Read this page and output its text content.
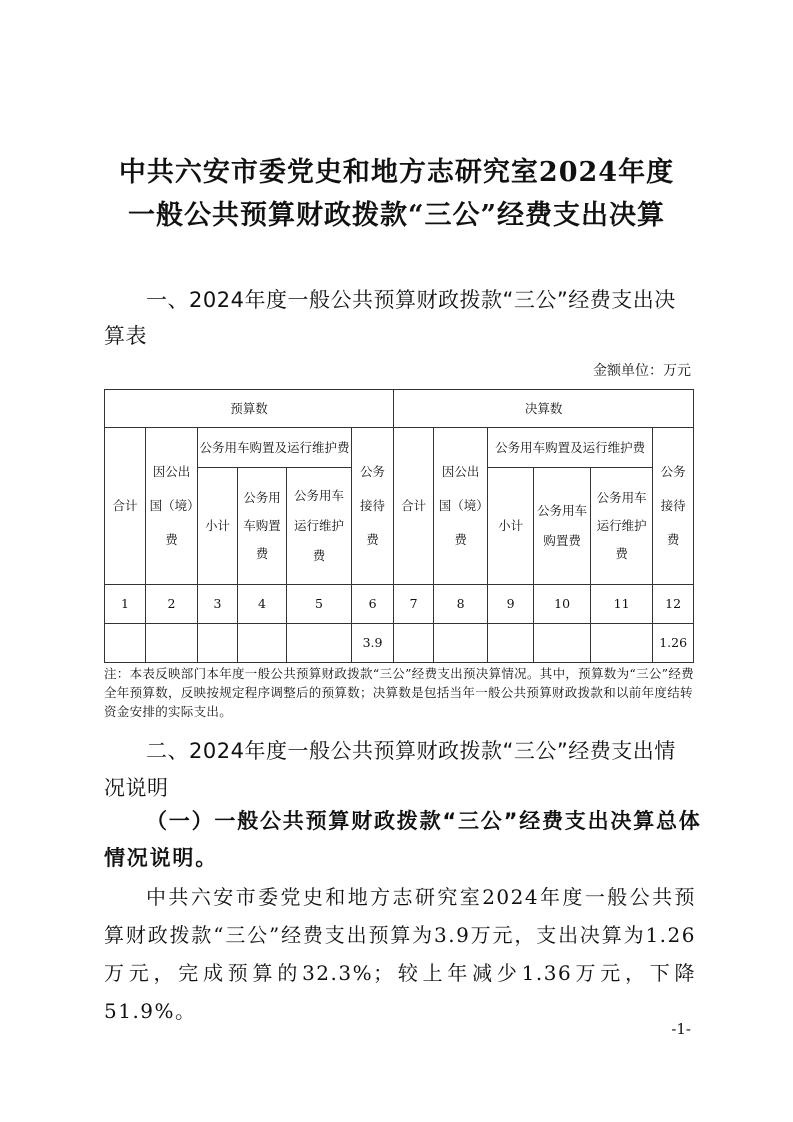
中共六安市委党史和地方志研究室2024年度
一般公共预算财政拨款“三公”经费支出决算
一、2024年度一般公共预算财政拨款“三公”经费支出决
算表
金额单位：万元
预算数						决算数					
合计	因公出国（境）费	公务用车购置及运行维护费			公务接待费	合计	因公出国（境）费	公务用车购置及运行维护费			公务接待费
		小计	公务用车购置费	公务用车运行维护费				小计	公务用车购置费	公务用车运行维护费	
1	2	3	4	5	6	7	8	9	10	11	12
					3.9						1.26
注：本表反映部门本年度一般公共预算财政拨款“三公”经费支出预决算情况。其中，预算数为“三公”经费全年预算数，反映按规定程序调整后的预算数；决算数是包括当年一般公共预算财政拨款和以前年度结转资金安排的实际支出。
二、2024年度一般公共预算财政拨款“三公”经费支出情
况说明
（一）一般公共预算财政拨款“三公”经费支出决算总体
情况说明。
中共六安市委党史和地方志研究室2024年度一般公共预算财政拨款“三公”经费支出预算为3.9万元，支出决算为1.26万元，完成预算的32.3%；较上年减少1.36万元，下降51.9%。
-1-
